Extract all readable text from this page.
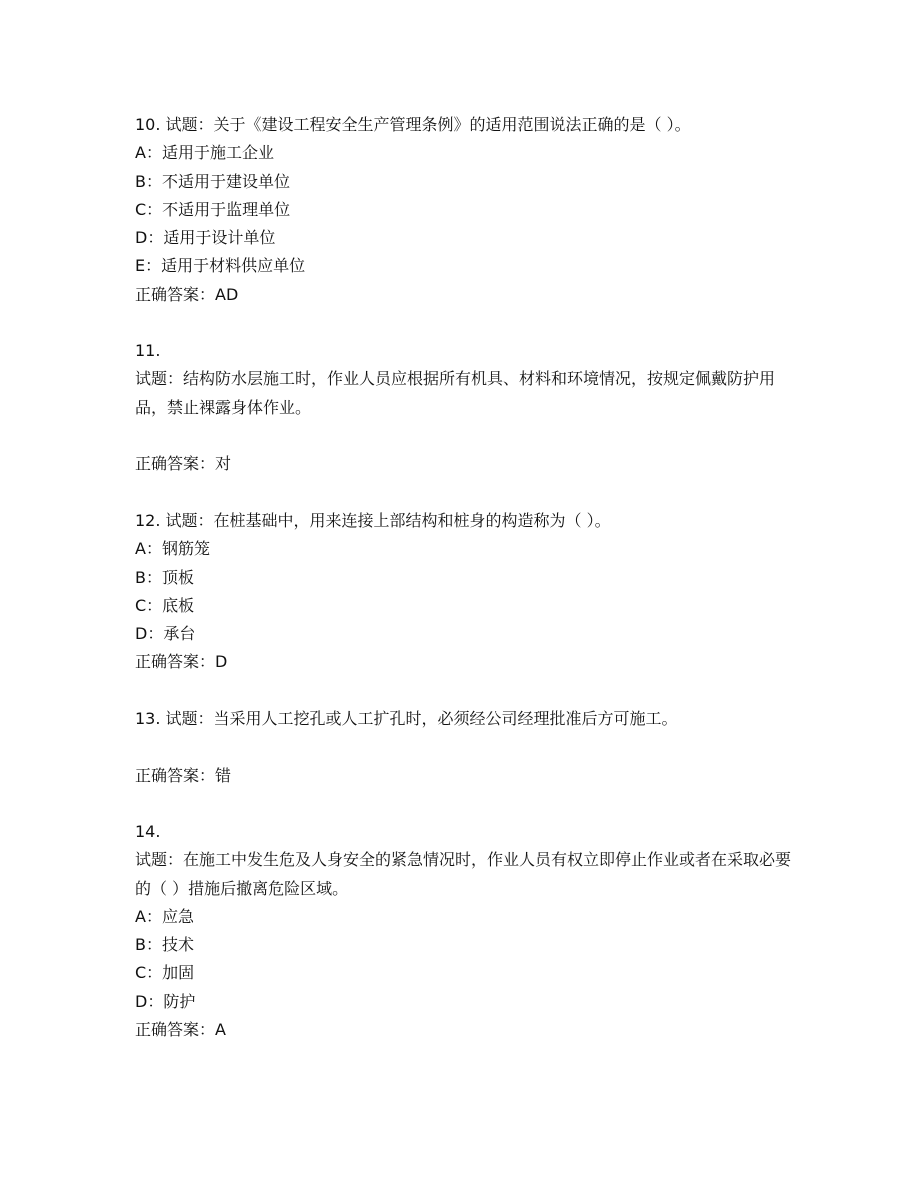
10. 试题：关于《建设工程安全生产管理条例》的适用范围说法正确的是（ ）。
A：适用于施工企业
B：不适用于建设单位
C：不适用于监理单位
D：适用于设计单位
E：适用于材料供应单位
正确答案：AD
11.
试题：结构防水层施工时，作业人员应根据所有机具、材料和环境情况，按规定佩戴防护用品，禁止裸露身体作业。
正确答案：对
12. 试题：在桩基础中，用来连接上部结构和桩身的构造称为（ ）。
A：钢筋笼
B：顶板
C：底板
D：承台
正确答案：D
13. 试题：当采用人工挖孔或人工扩孔时，必须经公司经理批准后方可施工。
正确答案：错
14.
试题：在施工中发生危及人身安全的紧急情况时，作业人员有权立即停止作业或者在采取必要的（ ）措施后撤离危险区域。
A：应急
B：技术
C：加固
D：防护
正确答案：A
